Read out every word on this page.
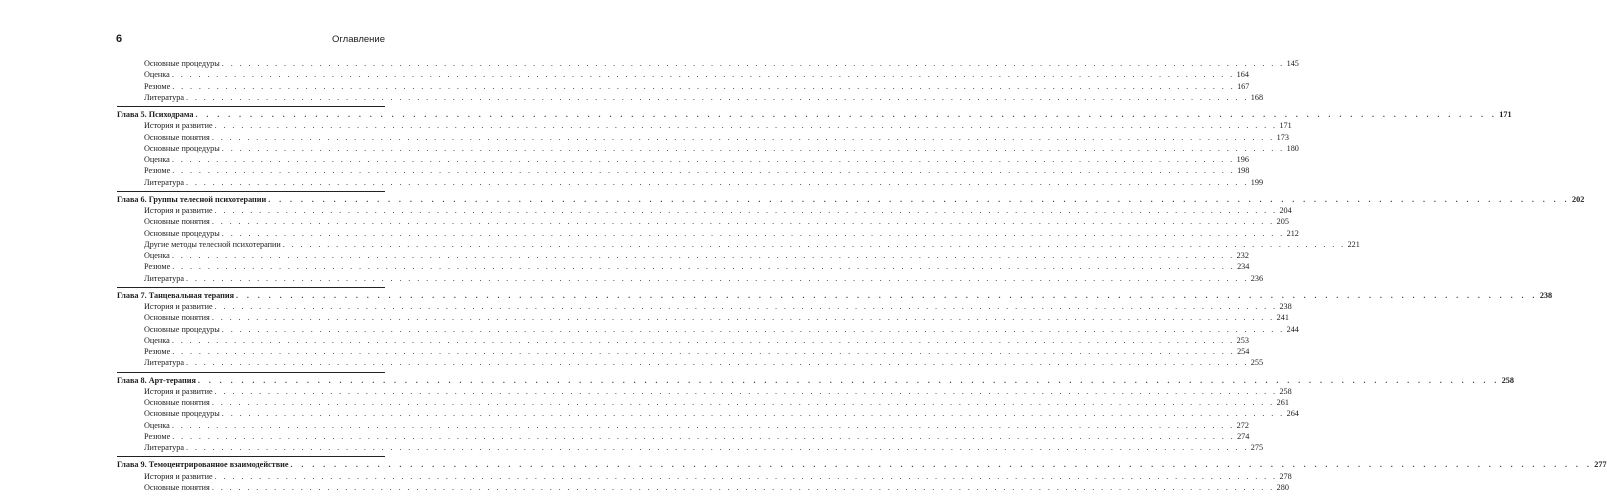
6	Оглавление
Основные процедуры . . . . . . . . . . . . . . . . . . . . . . . . . . . . . . . . . . . . . . . . . . . . . . . . . . . . . . . . . . . . . . . . . . . . . . . . . . . . . . . . . . . . . . . . . . . . . . . . . . . . . . . . . . . . . . . . . . . . . . . . 145
Оценка . . . . . . . . . . . . . . . . . . . . . . . . . . . . . . . . . . . . . . . . . . . . . . . . . . . . . . . . . . . . . . . . . . . . . . . . . . . . . . . . . . . . . . . . . . . . . . . . . . . . . . . . . . . . . . . . . . . . . . . . 164
Резюме . . . . . . . . . . . . . . . . . . . . . . . . . . . . . . . . . . . . . . . . . . . . . . . . . . . . . . . . . . . . . . . . . . . . . . . . . . . . . . . . . . . . . . . . . . . . . . . . . . . . . . . . . . . . . . . . . . . . . . . . 167
Литература . . . . . . . . . . . . . . . . . . . . . . . . . . . . . . . . . . . . . . . . . . . . . . . . . . . . . . . . . . . . . . . . . . . . . . . . . . . . . . . . . . . . . . . . . . . . . . . . . . . . . . . . . . . . . . . . . . . . . . . . 168
Глава 5. Психодрама . . . . . . . . . . . . . . . . . . . . . . . . . . . . . . . . . . . . . . . . . . . . . . . . . . . . . . . . . . . . . . . . . . . . . . . . . . . . . . . . . . . . . . . . . . . . . . . . . . . . . . . . . . . . . . . . . . . . . . . . 171
История и развитие . . . . . . . . . . . . . . . . . . . . . . . . . . . . . . . . . . . . . . . . . . . . . . . . . . . . . . . . . . . . . . . . . . . . . . . . . . . . . . . . . . . . . . . . . . . . . . . . . . . . . . . . . . . . . . . . . . . . . . . . 171
Основные понятия . . . . . . . . . . . . . . . . . . . . . . . . . . . . . . . . . . . . . . . . . . . . . . . . . . . . . . . . . . . . . . . . . . . . . . . . . . . . . . . . . . . . . . . . . . . . . . . . . . . . . . . . . . . . . . . . . . . . . . . . 173
Основные процедуры . . . . . . . . . . . . . . . . . . . . . . . . . . . . . . . . . . . . . . . . . . . . . . . . . . . . . . . . . . . . . . . . . . . . . . . . . . . . . . . . . . . . . . . . . . . . . . . . . . . . . . . . . . . . . . . . . . . . . . . . 180
Оценка . . . . . . . . . . . . . . . . . . . . . . . . . . . . . . . . . . . . . . . . . . . . . . . . . . . . . . . . . . . . . . . . . . . . . . . . . . . . . . . . . . . . . . . . . . . . . . . . . . . . . . . . . . . . . . . . . . . . . . . . 196
Резюме . . . . . . . . . . . . . . . . . . . . . . . . . . . . . . . . . . . . . . . . . . . . . . . . . . . . . . . . . . . . . . . . . . . . . . . . . . . . . . . . . . . . . . . . . . . . . . . . . . . . . . . . . . . . . . . . . . . . . . . . 198
Литература . . . . . . . . . . . . . . . . . . . . . . . . . . . . . . . . . . . . . . . . . . . . . . . . . . . . . . . . . . . . . . . . . . . . . . . . . . . . . . . . . . . . . . . . . . . . . . . . . . . . . . . . . . . . . . . . . . . . . . . . 199
Глава 6. Группы телесной психотерапии . . . . . . . . . . . . . . . . . . . . . . . . . . . . . . . . . . . . . . . . . . . . . . . . . . . . . . . . . . . . . . . . . . . . . . . . . . . . . . . . . . . . . . . . . . . . . . . . . . . . . . . . . . . . . . . . . . . . . . . . 202
История и развитие . . . . . . . . . . . . . . . . . . . . . . . . . . . . . . . . . . . . . . . . . . . . . . . . . . . . . . . . . . . . . . . . . . . . . . . . . . . . . . . . . . . . . . . . . . . . . . . . . . . . . . . . . . . . . . . . . . . . . . . . 204
Основные понятия . . . . . . . . . . . . . . . . . . . . . . . . . . . . . . . . . . . . . . . . . . . . . . . . . . . . . . . . . . . . . . . . . . . . . . . . . . . . . . . . . . . . . . . . . . . . . . . . . . . . . . . . . . . . . . . . . . . . . . . . 205
Основные процедуры . . . . . . . . . . . . . . . . . . . . . . . . . . . . . . . . . . . . . . . . . . . . . . . . . . . . . . . . . . . . . . . . . . . . . . . . . . . . . . . . . . . . . . . . . . . . . . . . . . . . . . . . . . . . . . . . . . . . . . . . 212
Другие методы телесной психотерапии . . . . . . . . . . . . . . . . . . . . . . . . . . . . . . . . . . . . . . . . . . . . . . . . . . . . . . . . . . . . . . . . . . . . . . . . . . . . . . . . . . . . . . . . . . . . . . . . . . . . . . . . . . . . . . . . . . . . . . . . 221
Оценка . . . . . . . . . . . . . . . . . . . . . . . . . . . . . . . . . . . . . . . . . . . . . . . . . . . . . . . . . . . . . . . . . . . . . . . . . . . . . . . . . . . . . . . . . . . . . . . . . . . . . . . . . . . . . . . . . . . . . . . . 232
Резюме . . . . . . . . . . . . . . . . . . . . . . . . . . . . . . . . . . . . . . . . . . . . . . . . . . . . . . . . . . . . . . . . . . . . . . . . . . . . . . . . . . . . . . . . . . . . . . . . . . . . . . . . . . . . . . . . . . . . . . . . 234
Литература . . . . . . . . . . . . . . . . . . . . . . . . . . . . . . . . . . . . . . . . . . . . . . . . . . . . . . . . . . . . . . . . . . . . . . . . . . . . . . . . . . . . . . . . . . . . . . . . . . . . . . . . . . . . . . . . . . . . . . . . 236
Глава 7. Танцевальная терапия . . . . . . . . . . . . . . . . . . . . . . . . . . . . . . . . . . . . . . . . . . . . . . . . . . . . . . . . . . . . . . . . . . . . . . . . . . . . . . . . . . . . . . . . . . . . . . . . . . . . . . . . . . . . . . . . . . . . . . . . 238
История и развитие . . . . . . . . . . . . . . . . . . . . . . . . . . . . . . . . . . . . . . . . . . . . . . . . . . . . . . . . . . . . . . . . . . . . . . . . . . . . . . . . . . . . . . . . . . . . . . . . . . . . . . . . . . . . . . . . . . . . . . . . 238
Основные понятия . . . . . . . . . . . . . . . . . . . . . . . . . . . . . . . . . . . . . . . . . . . . . . . . . . . . . . . . . . . . . . . . . . . . . . . . . . . . . . . . . . . . . . . . . . . . . . . . . . . . . . . . . . . . . . . . . . . . . . . . 241
Основные процедуры . . . . . . . . . . . . . . . . . . . . . . . . . . . . . . . . . . . . . . . . . . . . . . . . . . . . . . . . . . . . . . . . . . . . . . . . . . . . . . . . . . . . . . . . . . . . . . . . . . . . . . . . . . . . . . . . . . . . . . . . 244
Оценка . . . . . . . . . . . . . . . . . . . . . . . . . . . . . . . . . . . . . . . . . . . . . . . . . . . . . . . . . . . . . . . . . . . . . . . . . . . . . . . . . . . . . . . . . . . . . . . . . . . . . . . . . . . . . . . . . . . . . . . . 253
Резюме . . . . . . . . . . . . . . . . . . . . . . . . . . . . . . . . . . . . . . . . . . . . . . . . . . . . . . . . . . . . . . . . . . . . . . . . . . . . . . . . . . . . . . . . . . . . . . . . . . . . . . . . . . . . . . . . . . . . . . . . 254
Литература . . . . . . . . . . . . . . . . . . . . . . . . . . . . . . . . . . . . . . . . . . . . . . . . . . . . . . . . . . . . . . . . . . . . . . . . . . . . . . . . . . . . . . . . . . . . . . . . . . . . . . . . . . . . . . . . . . . . . . . . 255
Глава 8. Арт-терапия . . . . . . . . . . . . . . . . . . . . . . . . . . . . . . . . . . . . . . . . . . . . . . . . . . . . . . . . . . . . . . . . . . . . . . . . . . . . . . . . . . . . . . . . . . . . . . . . . . . . . . . . . . . . . . . . . . . . . . . . 258
История и развитие . . . . . . . . . . . . . . . . . . . . . . . . . . . . . . . . . . . . . . . . . . . . . . . . . . . . . . . . . . . . . . . . . . . . . . . . . . . . . . . . . . . . . . . . . . . . . . . . . . . . . . . . . . . . . . . . . . . . . . . . 258
Основные понятия . . . . . . . . . . . . . . . . . . . . . . . . . . . . . . . . . . . . . . . . . . . . . . . . . . . . . . . . . . . . . . . . . . . . . . . . . . . . . . . . . . . . . . . . . . . . . . . . . . . . . . . . . . . . . . . . . . . . . . . . 261
Основные процедуры . . . . . . . . . . . . . . . . . . . . . . . . . . . . . . . . . . . . . . . . . . . . . . . . . . . . . . . . . . . . . . . . . . . . . . . . . . . . . . . . . . . . . . . . . . . . . . . . . . . . . . . . . . . . . . . . . . . . . . . . 264
Оценка . . . . . . . . . . . . . . . . . . . . . . . . . . . . . . . . . . . . . . . . . . . . . . . . . . . . . . . . . . . . . . . . . . . . . . . . . . . . . . . . . . . . . . . . . . . . . . . . . . . . . . . . . . . . . . . . . . . . . . . . 272
Резюме . . . . . . . . . . . . . . . . . . . . . . . . . . . . . . . . . . . . . . . . . . . . . . . . . . . . . . . . . . . . . . . . . . . . . . . . . . . . . . . . . . . . . . . . . . . . . . . . . . . . . . . . . . . . . . . . . . . . . . . . 274
Литература . . . . . . . . . . . . . . . . . . . . . . . . . . . . . . . . . . . . . . . . . . . . . . . . . . . . . . . . . . . . . . . . . . . . . . . . . . . . . . . . . . . . . . . . . . . . . . . . . . . . . . . . . . . . . . . . . . . . . . . . 275
Глава 9. Темоцентрированное взаимодействие . . . . . . . . . . . . . . . . . . . . . . . . . . . . . . . . . . . . . . . . . . . . . . . . . . . . . . . . . . . . . . . . . . . . . . . . . . . . . . . . . . . . . . . . . . . . . . . . . . . . . . . . . . . . . . . . . . . . . . . . 277
История и развитие . . . . . . . . . . . . . . . . . . . . . . . . . . . . . . . . . . . . . . . . . . . . . . . . . . . . . . . . . . . . . . . . . . . . . . . . . . . . . . . . . . . . . . . . . . . . . . . . . . . . . . . . . . . . . . . . . . . . . . . . 278
Основные понятия . . . . . . . . . . . . . . . . . . . . . . . . . . . . . . . . . . . . . . . . . . . . . . . . . . . . . . . . . . . . . . . . . . . . . . . . . . . . . . . . . . . . . . . . . . . . . . . . . . . . . . . . . . . . . . . . . . . . . . . . 280
